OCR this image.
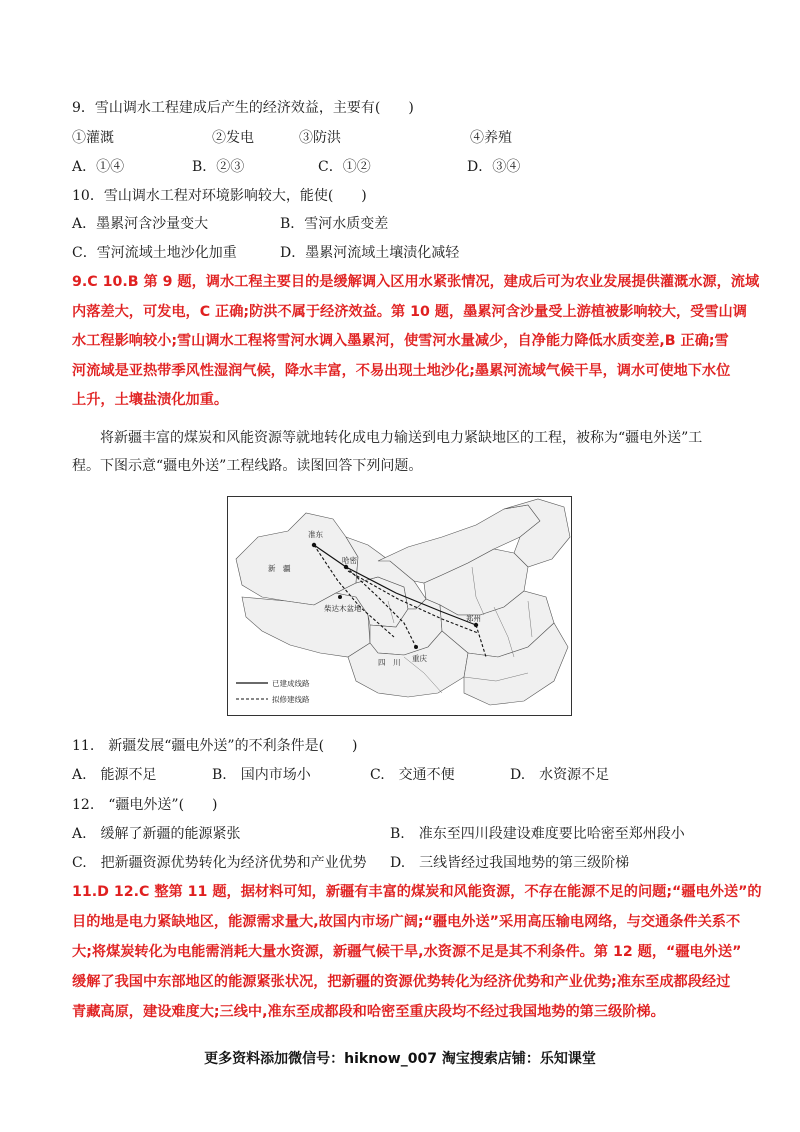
9．雪山调水工程建成后产生的经济效益，主要有(　　)
①灌溉	②发电	③防洪	④养殖
A．①④	B．②③	C．①②	D．③④
10．雪山调水工程对环境影响较大，能使(　　)
A．墨累河含沙量变大	B．雪河水质变差
C．雪河流域土地沙化加重	D．墨累河流域土壤渍化减轻
9.C 10.B 第 9 题，调水工程主要目的是缓解调入区用水紧张情况，建成后可为农业发展提供灌溉水源，流域
内落差大，可发电，C 正确;防洪不属于经济效益。第 10 题，墨累河含沙量受上游植被影响较大，受雪山调
水工程影响较小;雪山调水工程将雪河水调入墨累河，使雪河水量减少，自净能力降低水质变差,B 正确;雪
河流域是亚热带季风性湿润气候，降水丰富，不易出现土地沙化;墨累河流域气候干旱，调水可使地下水位
上升，土壤盐渍化加重。
将新疆丰富的煤炭和风能资源等就地转化成电力输送到电力紧缺地区的工程，被称为“疆电外送”工
程。下图示意“疆电外送”工程线路。读图回答下列问题。
新　疆
准东
哈密
柴达木盆地
郑州
四　川 重庆
已建成线路
拟修建线路
11.　新疆发展“疆电外送”的不利条件是(　　)
A.　能源不足	B.　国内市场小	C.　交通不便	D.　水资源不足
12.　“疆电外送”(　　)
A.　缓解了新疆的能源紧张	B.　准东至四川段建设难度要比哈密至郑州段小
C.　把新疆资源优势转化为经济优势和产业优势 D.　三线皆经过我国地势的第三级阶梯
11.D 12.C 整第 11 题，据材料可知，新疆有丰富的煤炭和风能资源，不存在能源不足的问题;“疆电外送”的
目的地是电力紧缺地区，能源需求量大,故国内市场广阔;“疆电外送”采用高压输电网络，与交通条件关系不
大;将煤炭转化为电能需消耗大量水资源，新疆气候干旱,水资源不足是其不利条件。第 12 题，“疆电外送”
缓解了我国中东部地区的能源紧张状况，把新疆的资源优势转化为经济优势和产业优势;准东至成都段经过
青藏高原，建设难度大;三线中,准东至成都段和哈密至重庆段均不经过我国地势的第三级阶梯。
更多资料添加微信号：hiknow_007 淘宝搜索店铺：乐知课堂
